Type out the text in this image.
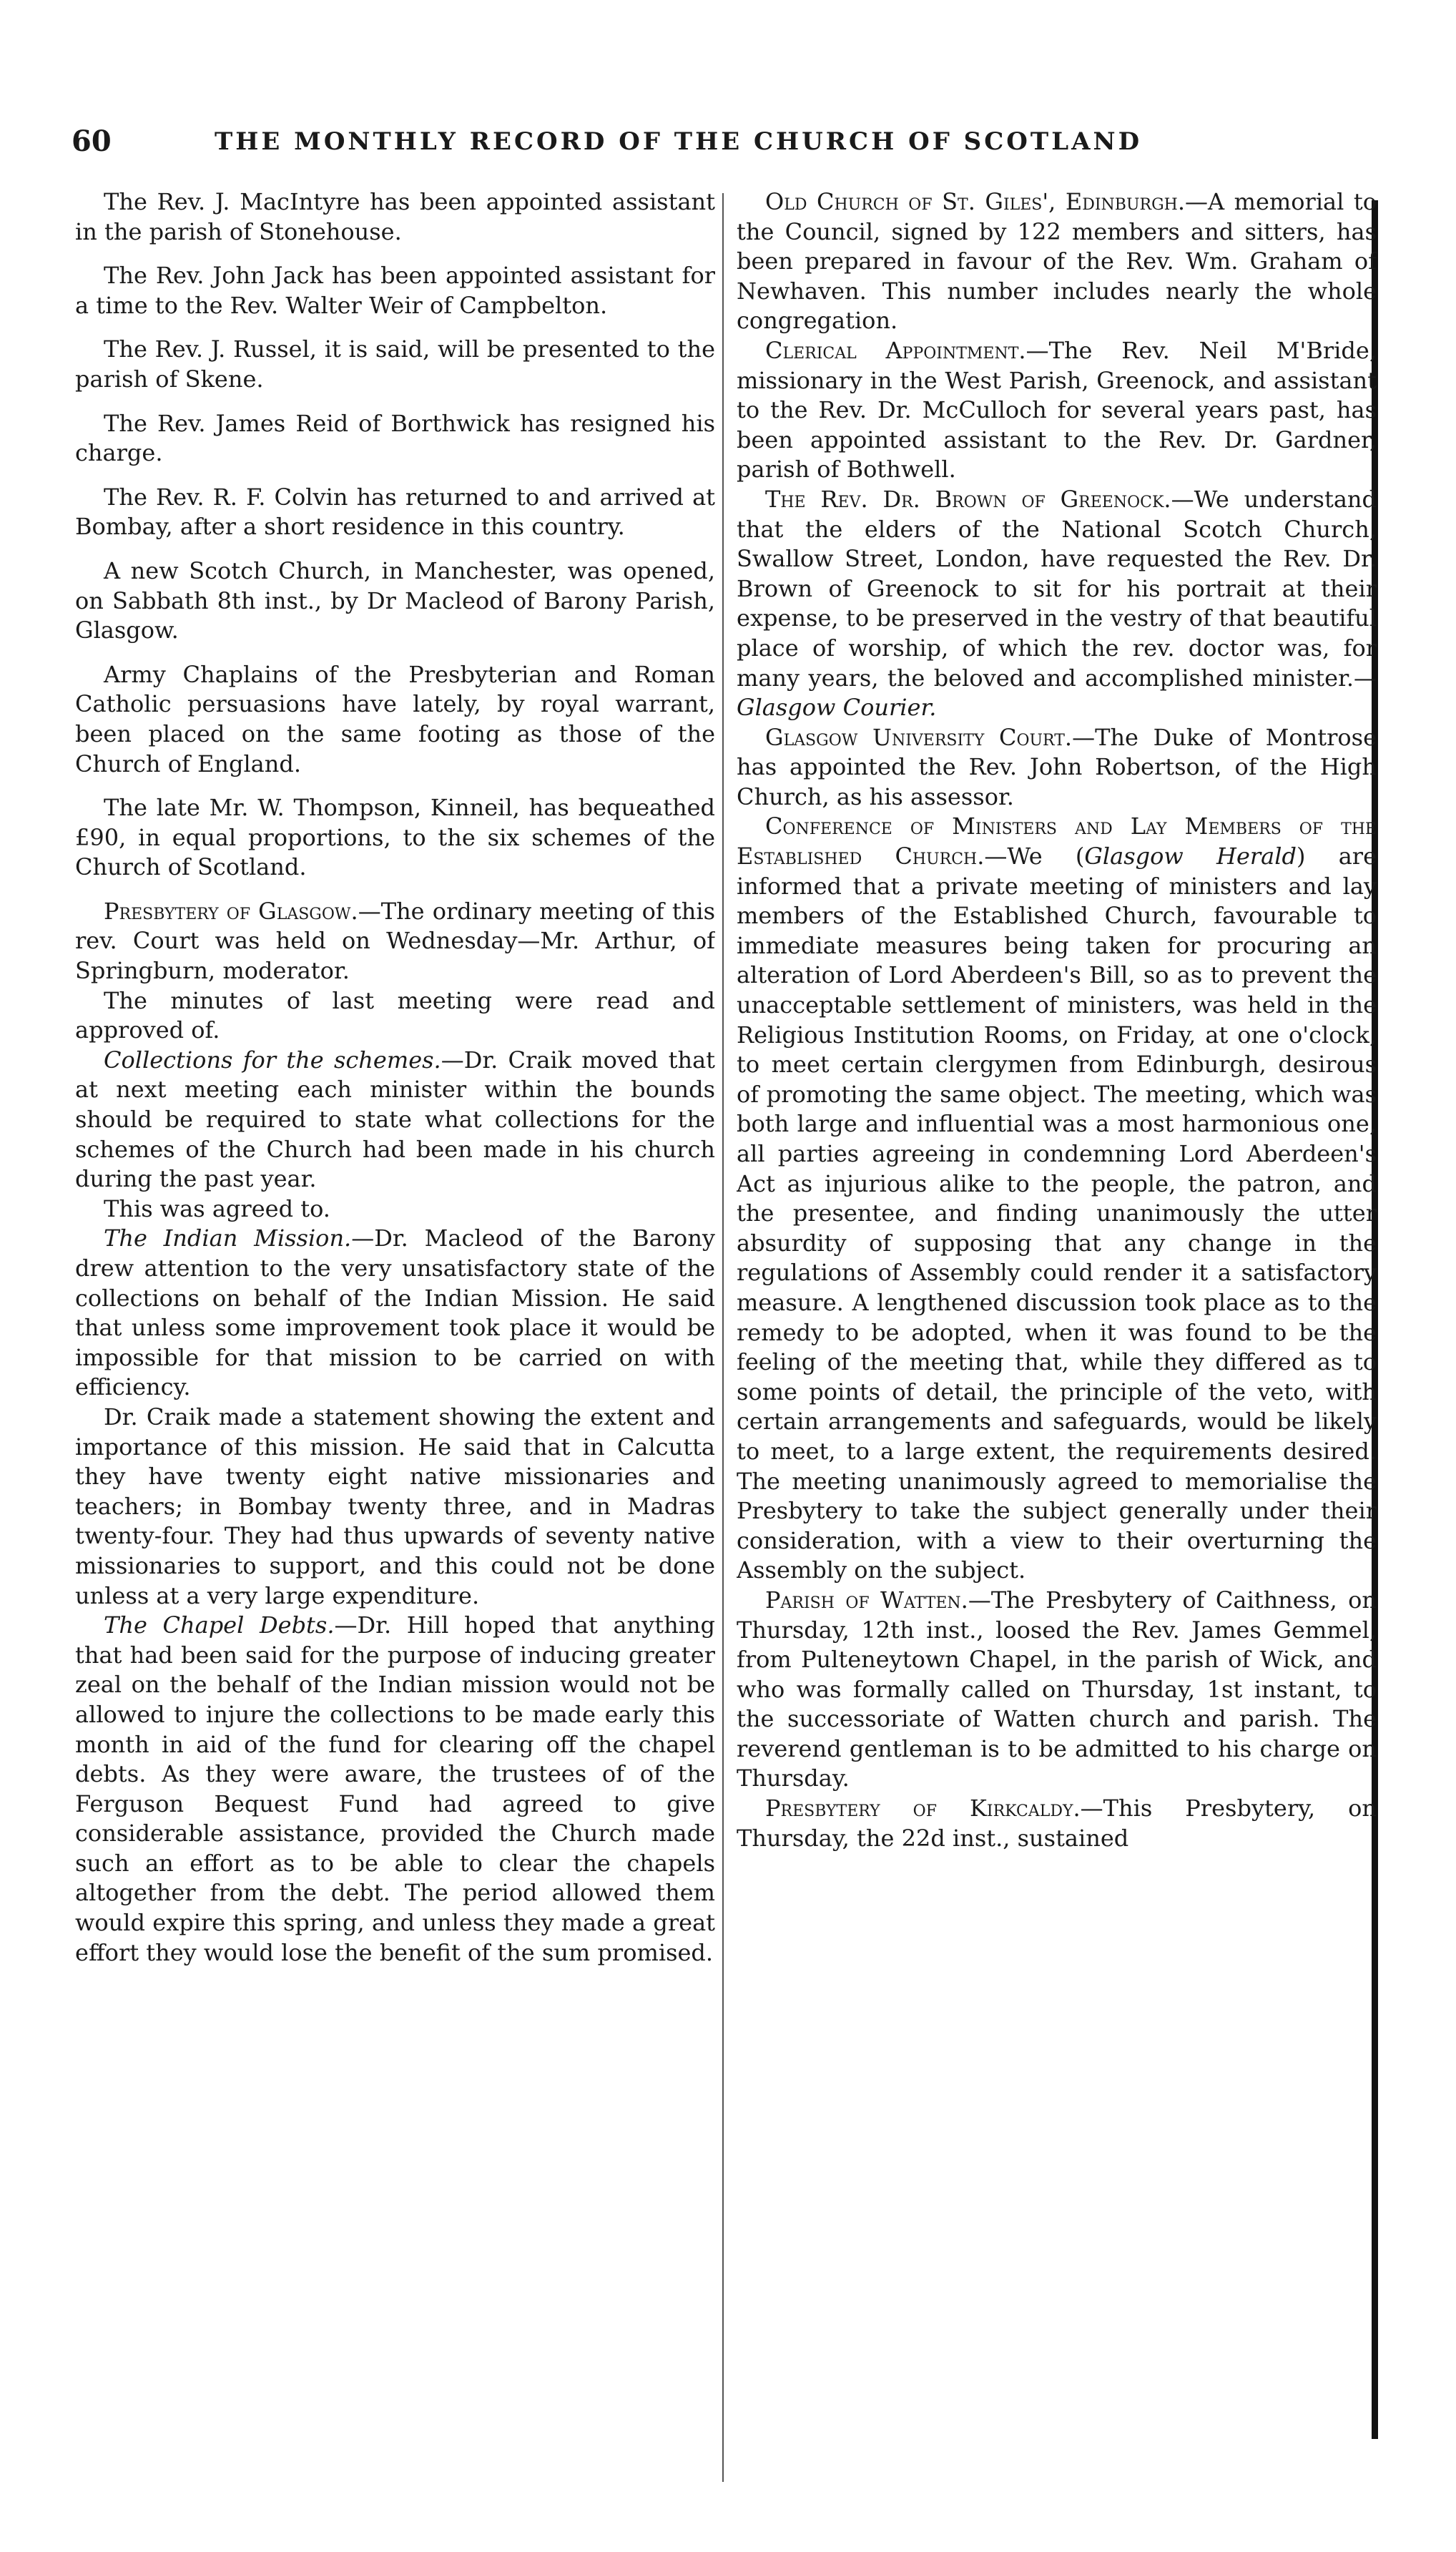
60	THE MONTHLY RECORD OF THE CHURCH OF SCOTLAND

The Rev. J. MacIntyre has been appointed assistant in the parish of Stonehouse.

The Rev. John Jack has been appointed assistant for a time to the Rev. Walter Weir of Campbelton.

The Rev. J. Russel, it is said, will be presented to the parish of Skene.

The Rev. James Reid of Borthwick has resigned his charge.

The Rev. R. F. Colvin has returned to and arrived at Bombay, after a short residence in this country.

A new Scotch Church, in Manchester, was opened, on Sabbath 8th inst., by Dr Macleod of Barony Parish, Glasgow.

Army Chaplains of the Presbyterian and Roman Catholic persuasions have lately, by royal warrant, been placed on the same footing as those of the Church of England.

The late Mr. W. Thompson, Kinneil, has bequeathed £90, in equal proportions, to the six schemes of the Church of Scotland.

Presbytery of Glasgow.—The ordinary meeting of this rev. Court was held on Wednesday—Mr. Arthur, of Springburn, moderator.

The minutes of last meeting were read and approved of.

Collections for the schemes.—Dr. Craik moved that at next meeting each minister within the bounds should be required to state what collections for the schemes of the Church had been made in his church during the past year.

This was agreed to.

The Indian Mission.—Dr. Macleod of the Barony drew attention to the very unsatisfactory state of the collections on behalf of the Indian Mission. He said that unless some improvement took place it would be impossible for that mission to be carried on with efficiency.

Dr. Craik made a statement showing the extent and importance of this mission. He said that in Calcutta they have twenty eight native missionaries and teachers; in Bombay twenty three, and in Madras twenty-four. They had thus upwards of seventy native missionaries to support, and this could not be done unless at a very large expenditure.

The Chapel Debts.—Dr. Hill hoped that anything that had been said for the purpose of inducing greater zeal on the behalf of the Indian mission would not be allowed to injure the collections to be made early this month in aid of the fund for clearing off the chapel debts. As they were aware, the trustees of of the Ferguson Bequest Fund had agreed to give considerable assistance, provided the Church made such an effort as to be able to clear the chapels altogether from the debt. The period allowed them would expire this spring, and unless they made a great effort they would lose the benefit of the sum promised.

Old Church of St. Giles', Edinburgh.—A memorial to the Council, signed by 122 members and sitters, has been prepared in favour of the Rev. Wm. Graham of Newhaven. This number includes nearly the whole congregation.

Clerical Appointment.—The Rev. Neil M'Bride, missionary in the West Parish, Greenock, and assistant to the Rev. Dr. McCulloch for several years past, has been appointed assistant to the Rev. Dr. Gardner, parish of Bothwell.

The Rev. Dr. Brown of Greenock.—We understand that the elders of the National Scotch Church, Swallow Street, London, have requested the Rev. Dr. Brown of Greenock to sit for his portrait at their expense, to be preserved in the vestry of that beautiful place of worship, of which the rev. doctor was, for many years, the beloved and accomplished minister.—Glasgow Courier.

Glasgow University Court.—The Duke of Montrose has appointed the Rev. John Robertson, of the High Church, as his assessor.

Conference of Ministers and Lay Members of the Established Church.—We (Glasgow Herald) are informed that a private meeting of ministers and lay members of the Established Church, favourable to immediate measures being taken for procuring an alteration of Lord Aberdeen's Bill, so as to prevent the unacceptable settlement of ministers, was held in the Religious Institution Rooms, on Friday, at one o'clock, to meet certain clergymen from Edinburgh, desirous of promoting the same object. The meeting, which was both large and influential was a most harmonious one, all parties agreeing in condemning Lord Aberdeen's Act as injurious alike to the people, the patron, and the presentee, and finding unanimously the utter absurdity of supposing that any change in the regulations of Assembly could render it a satisfactory measure. A lengthened discussion took place as to the remedy to be adopted, when it was found to be the feeling of the meeting that, while they differed as to some points of detail, the principle of the veto, with certain arrangements and safeguards, would be likely to meet, to a large extent, the requirements desired. The meeting unanimously agreed to memorialise the Presbytery to take the subject generally under their consideration, with a view to their overturning the Assembly on the subject.

Parish of Watten.—The Presbytery of Caithness, on Thursday, 12th inst., loosed the Rev. James Gemmel, from Pulteneytown Chapel, in the parish of Wick, and who was formally called on Thursday, 1st instant, to the successoriate of Watten church and parish. The reverend gentleman is to be admitted to his charge on Thursday.

Presbytery of Kirkcaldy.—This Presbytery, on Thursday, the 22d inst., sustained
